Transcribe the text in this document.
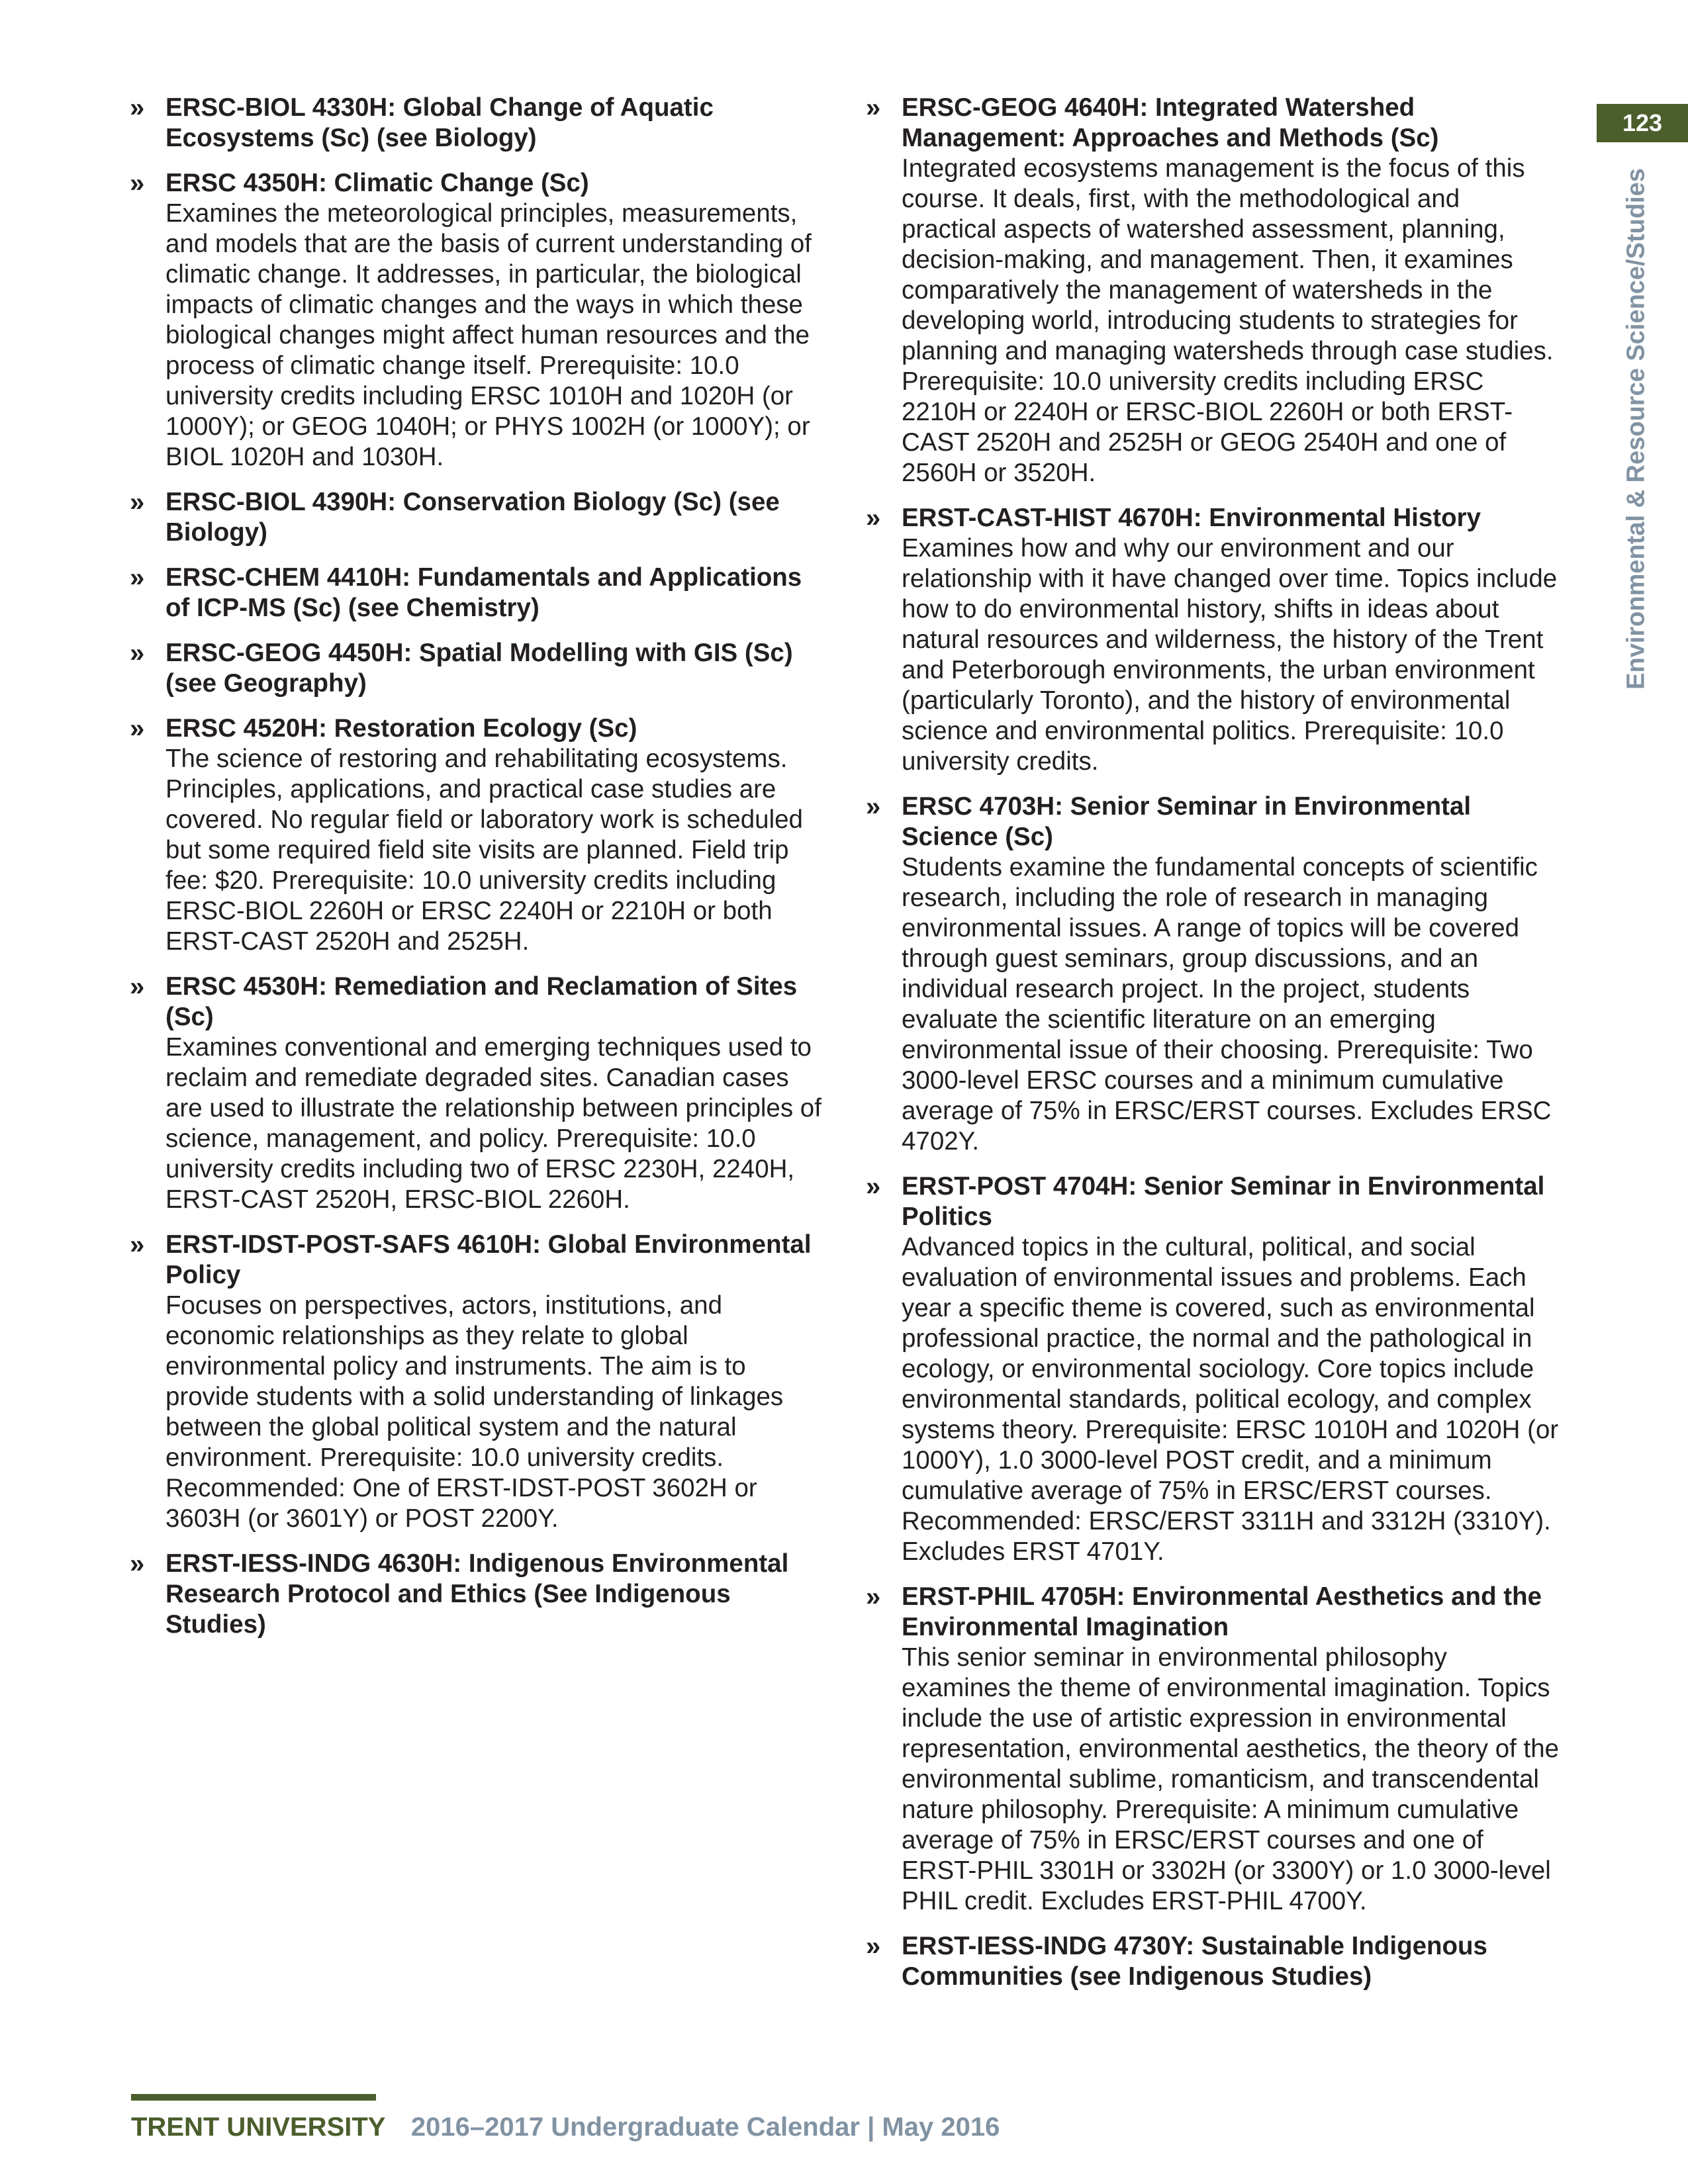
123
Environmental & Resource Science/Studies
» ERSC-BIOL 4330H: Global Change of Aquatic Ecosystems (Sc) (see Biology)
» ERSC 4350H: Climatic Change (Sc)
Examines the meteorological principles, measurements, and models that are the basis of current understanding of climatic change. It addresses, in particular, the biological impacts of climatic changes and the ways in which these biological changes might affect human resources and the process of climatic change itself. Prerequisite: 10.0 university credits including ERSC 1010H and 1020H (or 1000Y); or GEOG 1040H; or PHYS 1002H (or 1000Y); or BIOL 1020H and 1030H.
» ERSC-BIOL 4390H: Conservation Biology (Sc) (see Biology)
» ERSC-CHEM 4410H: Fundamentals and Applications of ICP-MS (Sc) (see Chemistry)
» ERSC-GEOG 4450H: Spatial Modelling with GIS (Sc) (see Geography)
» ERSC 4520H: Restoration Ecology (Sc)
The science of restoring and rehabilitating ecosystems. Principles, applications, and practical case studies are covered. No regular field or laboratory work is scheduled but some required field site visits are planned. Field trip fee: $20. Prerequisite: 10.0 university credits including ERSC-BIOL 2260H or ERSC 2240H or 2210H or both ERST-CAST 2520H and 2525H.
» ERSC 4530H: Remediation and Reclamation of Sites (Sc)
Examines conventional and emerging techniques used to reclaim and remediate degraded sites. Canadian cases are used to illustrate the relationship between principles of science, management, and policy. Prerequisite: 10.0 university credits including two of ERSC 2230H, 2240H, ERST-CAST 2520H, ERSC-BIOL 2260H.
» ERST-IDST-POST-SAFS 4610H: Global Environmental Policy
Focuses on perspectives, actors, institutions, and economic relationships as they relate to global environmental policy and instruments. The aim is to provide students with a solid understanding of linkages between the global political system and the natural environment. Prerequisite: 10.0 university credits. Recommended: One of ERST-IDST-POST 3602H or 3603H (or 3601Y) or POST 2200Y.
» ERST-IESS-INDG 4630H: Indigenous Environmental Research Protocol and Ethics (See Indigenous Studies)
» ERSC-GEOG 4640H: Integrated Watershed Management: Approaches and Methods (Sc)
Integrated ecosystems management is the focus of this course. It deals, first, with the methodological and practical aspects of watershed assessment, planning, decision-making, and management. Then, it examines comparatively the management of watersheds in the developing world, introducing students to strategies for planning and managing watersheds through case studies. Prerequisite: 10.0 university credits including ERSC 2210H or 2240H or ERSC-BIOL 2260H or both ERST-CAST 2520H and 2525H or GEOG 2540H and one of 2560H or 3520H.
» ERST-CAST-HIST 4670H: Environmental History
Examines how and why our environment and our relationship with it have changed over time. Topics include how to do environmental history, shifts in ideas about natural resources and wilderness, the history of the Trent and Peterborough environments, the urban environment (particularly Toronto), and the history of environmental science and environmental politics. Prerequisite: 10.0 university credits.
» ERSC 4703H: Senior Seminar in Environmental Science (Sc)
Students examine the fundamental concepts of scientific research, including the role of research in managing environmental issues. A range of topics will be covered through guest seminars, group discussions, and an individual research project. In the project, students evaluate the scientific literature on an emerging environmental issue of their choosing. Prerequisite: Two 3000-level ERSC courses and a minimum cumulative average of 75% in ERSC/ERST courses. Excludes ERSC 4702Y.
» ERST-POST 4704H: Senior Seminar in Environmental Politics
Advanced topics in the cultural, political, and social evaluation of environmental issues and problems. Each year a specific theme is covered, such as environmental professional practice, the normal and the pathological in ecology, or environmental sociology. Core topics include environmental standards, political ecology, and complex systems theory. Prerequisite: ERSC 1010H and 1020H (or 1000Y), 1.0 3000-level POST credit, and a minimum cumulative average of 75% in ERSC/ERST courses. Recommended: ERSC/ERST 3311H and 3312H (3310Y). Excludes ERST 4701Y.
» ERST-PHIL 4705H: Environmental Aesthetics and the Environmental Imagination
This senior seminar in environmental philosophy examines the theme of environmental imagination. Topics include the use of artistic expression in environmental representation, environmental aesthetics, the theory of the environmental sublime, romanticism, and transcendental nature philosophy. Prerequisite: A minimum cumulative average of 75% in ERSC/ERST courses and one of ERST-PHIL 3301H or 3302H (or 3300Y) or 1.0 3000-level PHIL credit. Excludes ERST-PHIL 4700Y.
» ERST-IESS-INDG 4730Y: Sustainable Indigenous Communities (see Indigenous Studies)
TRENT UNIVERSITY 2016–2017 Undergraduate Calendar | May 2016
